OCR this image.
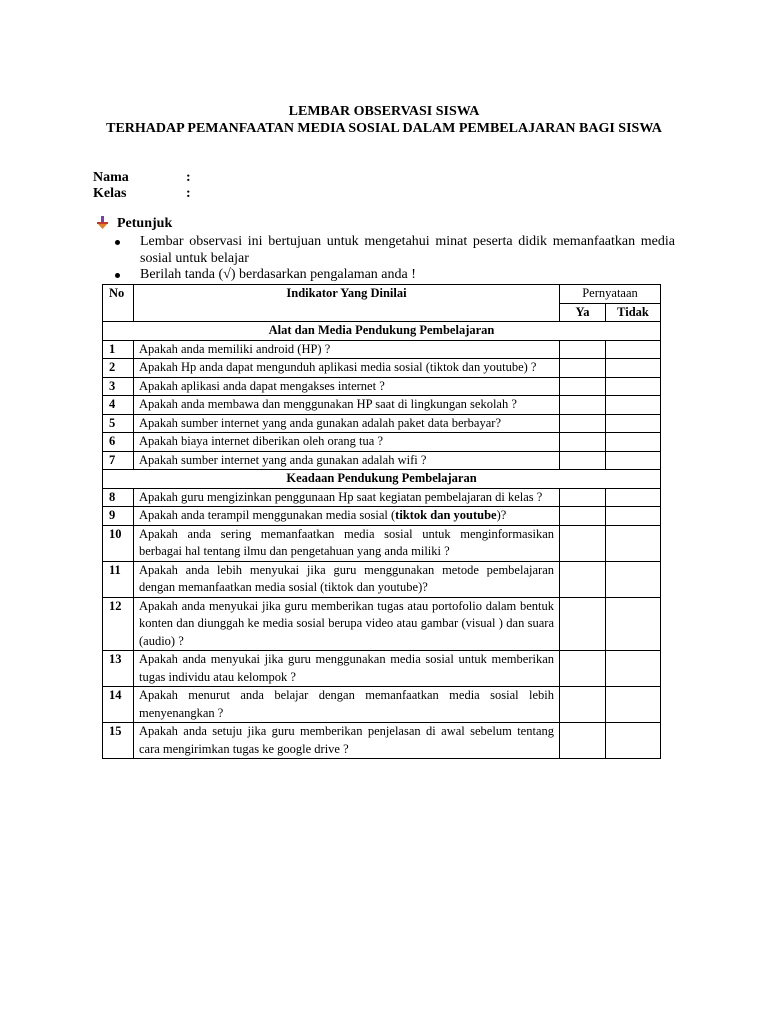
LEMBAR OBSERVASI SISWA
TERHADAP PEMANFAATAN MEDIA SOSIAL DALAM PEMBELAJARAN BAGI SISWA
Nama	:
Kelas	:
Petunjuk
Lembar observasi ini bertujuan untuk mengetahui minat peserta didik memanfaatkan media sosial untuk belajar
Berilah tanda (√) berdasarkan pengalaman anda !
No	Indikator Yang Dinilai	Pernyataan	
		Ya	Tidak
Alat dan Media Pendukung Pembelajaran			
1	Apakah anda memiliki android (HP) ?		
2	Apakah Hp anda dapat mengunduh aplikasi media sosial (tiktok dan youtube) ?		
3	Apakah aplikasi anda dapat mengakses internet ?		
4	Apakah anda membawa dan menggunakan HP saat di lingkungan sekolah ?		
5	Apakah sumber internet yang anda gunakan adalah paket data berbayar?		
6	Apakah biaya internet diberikan oleh orang tua ?		
7	Apakah sumber internet yang anda gunakan adalah wifi ?		
Keadaan Pendukung Pembelajaran			
8	Apakah guru mengizinkan penggunaan Hp saat kegiatan pembelajaran di kelas ?		
9	Apakah anda terampil menggunakan media sosial (tiktok dan youtube)?		
10	Apakah anda sering memanfaatkan media sosial untuk menginformasikan berbagai hal tentang ilmu dan pengetahuan yang anda miliki ?		
11	Apakah anda lebih menyukai jika guru menggunakan metode pembelajaran dengan memanfaatkan media sosial (tiktok dan youtube)?		
12	Apakah anda menyukai jika guru memberikan tugas atau portofolio dalam bentuk konten dan diunggah ke media sosial berupa video atau gambar (visual ) dan suara (audio) ?		
13	Apakah anda menyukai jika guru menggunakan media sosial untuk memberikan tugas individu atau kelompok ?		
14	Apakah menurut anda belajar dengan memanfaatkan media sosial lebih menyenangkan ?		
15	Apakah anda setuju jika guru memberikan penjelasan di awal sebelum tentang cara mengirimkan tugas ke google drive ?		
